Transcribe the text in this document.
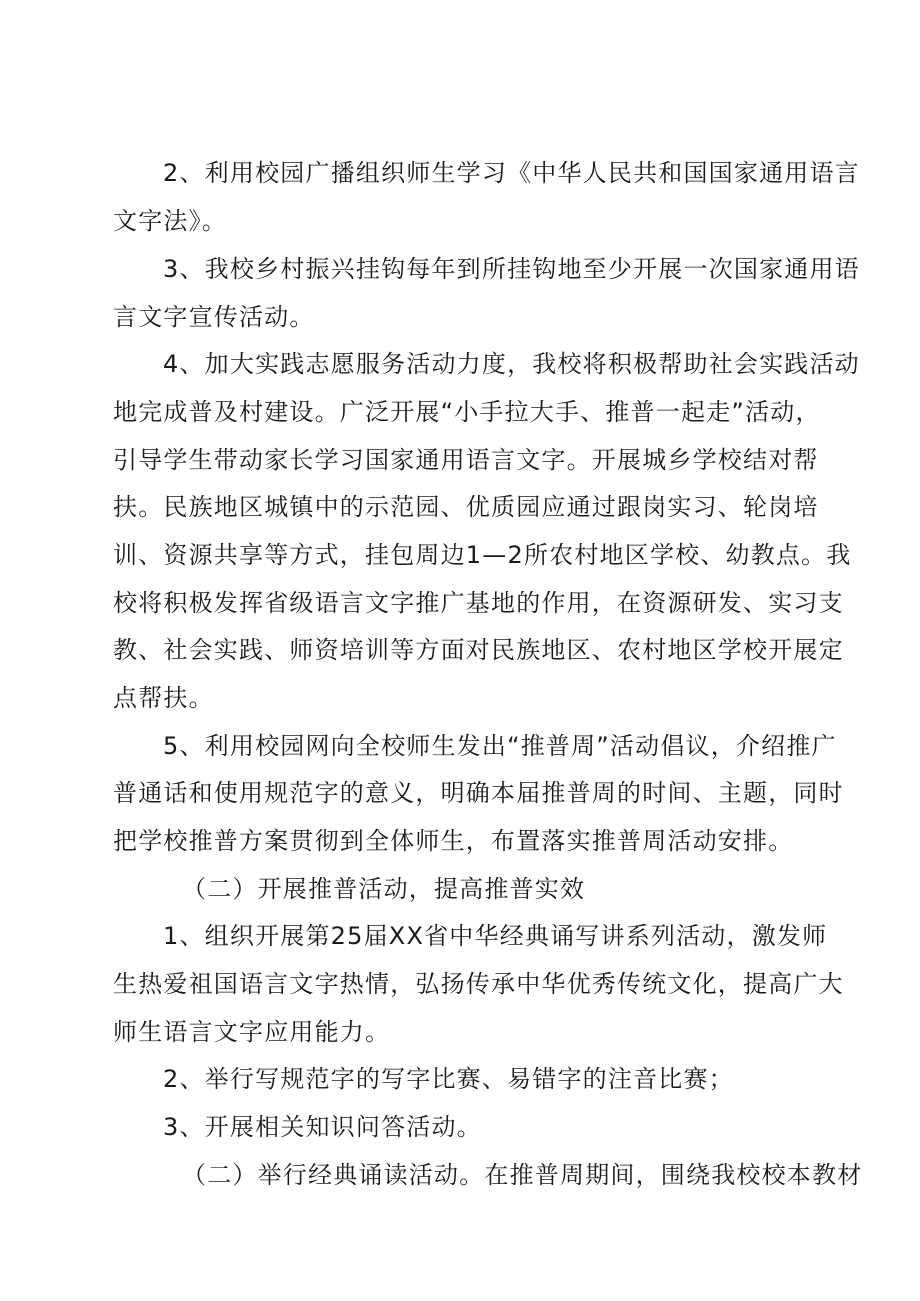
2、利用校园广播组织师生学习《中华人民共和国国家通用语言

文字法》。

3、我校乡村振兴挂钩每年到所挂钩地至少开展一次国家通用语

言文字宣传活动。

4、加大实践志愿服务活动力度，我校将积极帮助社会实践活动

地完成普及村建设。广泛开展“小手拉大手、推普一起走”活动，

引导学生带动家长学习国家通用语言文字。开展城乡学校结对帮

扶。民族地区城镇中的示范园、优质园应通过跟岗实习、轮岗培

训、资源共享等方式，挂包周边1—2所农村地区学校、幼教点。我

校将积极发挥省级语言文字推广基地的作用，在资源研发、实习支

教、社会实践、师资培训等方面对民族地区、农村地区学校开展定

点帮扶。

5、利用校园网向全校师生发出“推普周”活动倡议，介绍推广

普通话和使用规范字的意义，明确本届推普周的时间、主题，同时

把学校推普方案贯彻到全体师生，布置落实推普周活动安排。

（二）开展推普活动，提高推普实效

1、组织开展第25届XX省中华经典诵写讲系列活动，激发师

生热爱祖国语言文字热情，弘扬传承中华优秀传统文化，提高广大

师生语言文字应用能力。

2、举行写规范字的写字比赛、易错字的注音比赛；

3、开展相关知识问答活动。

（二）举行经典诵读活动。在推普周期间，围绕我校校本教材
